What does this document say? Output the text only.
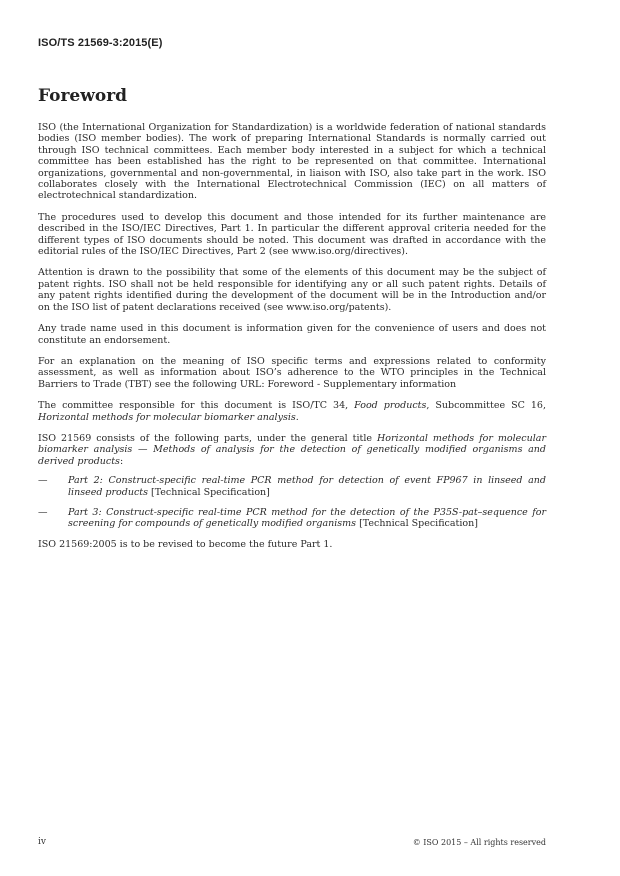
ISO/TS 21569-3:2015(E)
Foreword

ISO (the International Organization for Standardization) is a worldwide federation of national standards bodies (ISO member bodies). The work of preparing International Standards is normally carried out through ISO technical committees. Each member body interested in a subject for which a technical committee has been established has the right to be represented on that committee. International organizations, governmental and non-governmental, in liaison with ISO, also take part in the work. ISO collaborates closely with the International Electrotechnical Commission (IEC) on all matters of electrotechnical standardization.

The procedures used to develop this document and those intended for its further maintenance are described in the ISO/IEC Directives, Part 1. In particular the different approval criteria needed for the different types of ISO documents should be noted. This document was drafted in accordance with the editorial rules of the ISO/IEC Directives, Part 2 (see www.iso.org/directives).

Attention is drawn to the possibility that some of the elements of this document may be the subject of patent rights. ISO shall not be held responsible for identifying any or all such patent rights. Details of any patent rights identified during the development of the document will be in the Introduction and/or on the ISO list of patent declarations received (see www.iso.org/patents).

Any trade name used in this document is information given for the convenience of users and does not constitute an endorsement.

For an explanation on the meaning of ISO specific terms and expressions related to conformity assessment, as well as information about ISO’s adherence to the WTO principles in the Technical Barriers to Trade (TBT) see the following URL: Foreword - Supplementary information

The committee responsible for this document is ISO/TC 34, Food products, Subcommittee SC 16, Horizontal methods for molecular biomarker analysis.

ISO 21569 consists of the following parts, under the general title Horizontal methods for molecular biomarker analysis — Methods of analysis for the detection of genetically modified organisms and derived products:

—	Part 2: Construct-specific real-time PCR method for detection of event FP967 in linseed and linseed products [Technical Specification]
—	Part 3: Construct-specific real-time PCR method for the detection of the P35S-pat–sequence for screening for compounds of genetically modified organisms [Technical Specification]

ISO 21569:2005 is to be revised to become the future Part 1.

iv	© ISO 2015 – All rights reserved
